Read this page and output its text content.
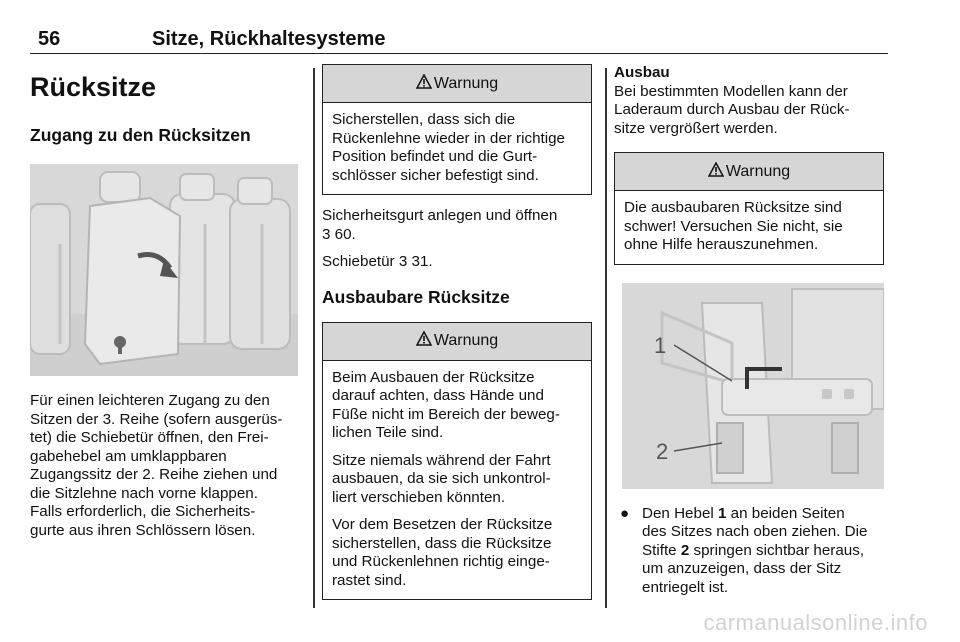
56	Sitze, Rückhaltesysteme
Rücksitze
Zugang zu den Rücksitzen
Für einen leichteren Zugang zu den
Sitzen der 3. Reihe (sofern ausgerüs-
tet) die Schiebetür öffnen, den Frei-
gabehebel am umklappbaren
Zugangssitz der 2. Reihe ziehen und
die Sitzlehne nach vorne klappen.
Falls erforderlich, die Sicherheits-
gurte aus ihren Schlössern lösen.
Warnung
Sicherstellen, dass sich die
Rückenlehne wieder in der richtige
Position befindet und die Gurt-
schlösser sicher befestigt sind.
Sicherheitsgurt anlegen und öffnen
3 60.
Schiebetür 3 31.
Ausbaubare Rücksitze
Warnung

Beim Ausbauen der Rücksitze
darauf achten, dass Hände und
Füße nicht im Bereich der beweg-
lichen Teile sind.

Sitze niemals während der Fahrt
ausbauen, da sie sich unkontrol-
liert verschieben könnten.

Vor dem Besetzen der Rücksitze
sicherstellen, dass die Rücksitze
und Rückenlehnen richtig einge-
rastet sind.

Ausbau
Bei bestimmten Modellen kann der
Laderaum durch Ausbau der Rück-
sitze vergrößert werden.
Warnung
Die ausbaubaren Rücksitze sind
schwer! Versuchen Sie nicht, sie
ohne Hilfe herauszunehmen.
1
2
● Den Hebel 1 an beiden Seiten
des Sitzes nach oben ziehen. Die
Stifte 2 springen sichtbar heraus,
um anzuzeigen, dass der Sitz
entriegelt ist.
carmanualsonline.info
